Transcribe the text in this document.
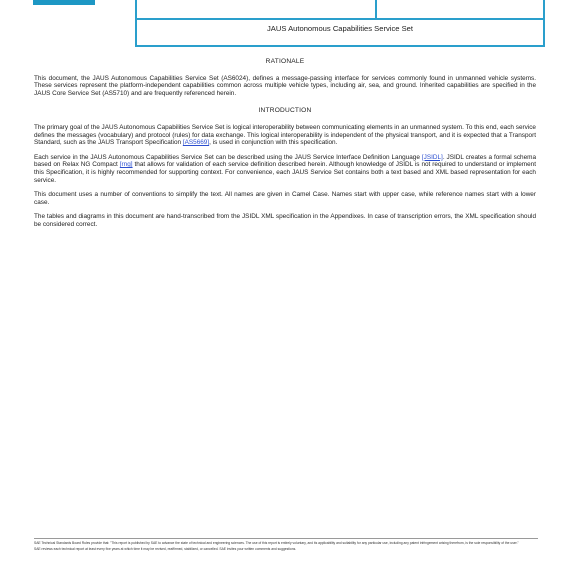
JAUS Autonomous Capabilities Service Set
RATIONALE

This document, the JAUS Autonomous Capabilities Service Set (AS6024), defines a message-passing interface for services commonly found in unmanned vehicle systems. These services represent the platform-independent capabilities common across multiple vehicle types, including air, sea, and ground. Inherited capabilities are specified in the JAUS Core Service Set (AS5710) and are frequently referenced herein.

INTRODUCTION

The primary goal of the JAUS Autonomous Capabilities Service Set is logical interoperability between communicating elements in an unmanned system. To this end, each service defines the messages (vocabulary) and protocol (rules) for data exchange. This logical interoperability is independent of the physical transport, and it is expected that a Transport Standard, such as the JAUS Transport Specification [AS5669], is used in conjunction with this specification.

Each service in the JAUS Autonomous Capabilities Service Set can be described using the JAUS Service Interface Definition Language [JSIDL]. JSIDL creates a formal schema based on Relax NG Compact [rng] that allows for validation of each service definition described herein. Although knowledge of JSIDL is not required to understand or implement this Specification, it is highly recommended for supporting context. For convenience, each JAUS Service Set contains both a text based and XML based representation for each service.

This document uses a number of conventions to simplify the text. All names are given in Camel Case. Names start with upper case, while reference names start with a lower case.

The tables and diagrams in this document are hand-transcribed from the JSIDL XML specification in the Appendixes. In case of transcription errors, the XML specification should be considered correct.

SAE Technical Standards Board Rules provide that: "This report is published by SAE to advance the state of technical and engineering sciences. The use of this report is entirely voluntary, and its applicability and suitability for any particular use, including any patent infringement arising therefrom, is the sole responsibility of the user."

SAE reviews each technical report at least every five years at which time it may be revised, reaffirmed, stabilized, or cancelled. SAE invites your written comments and suggestions.
